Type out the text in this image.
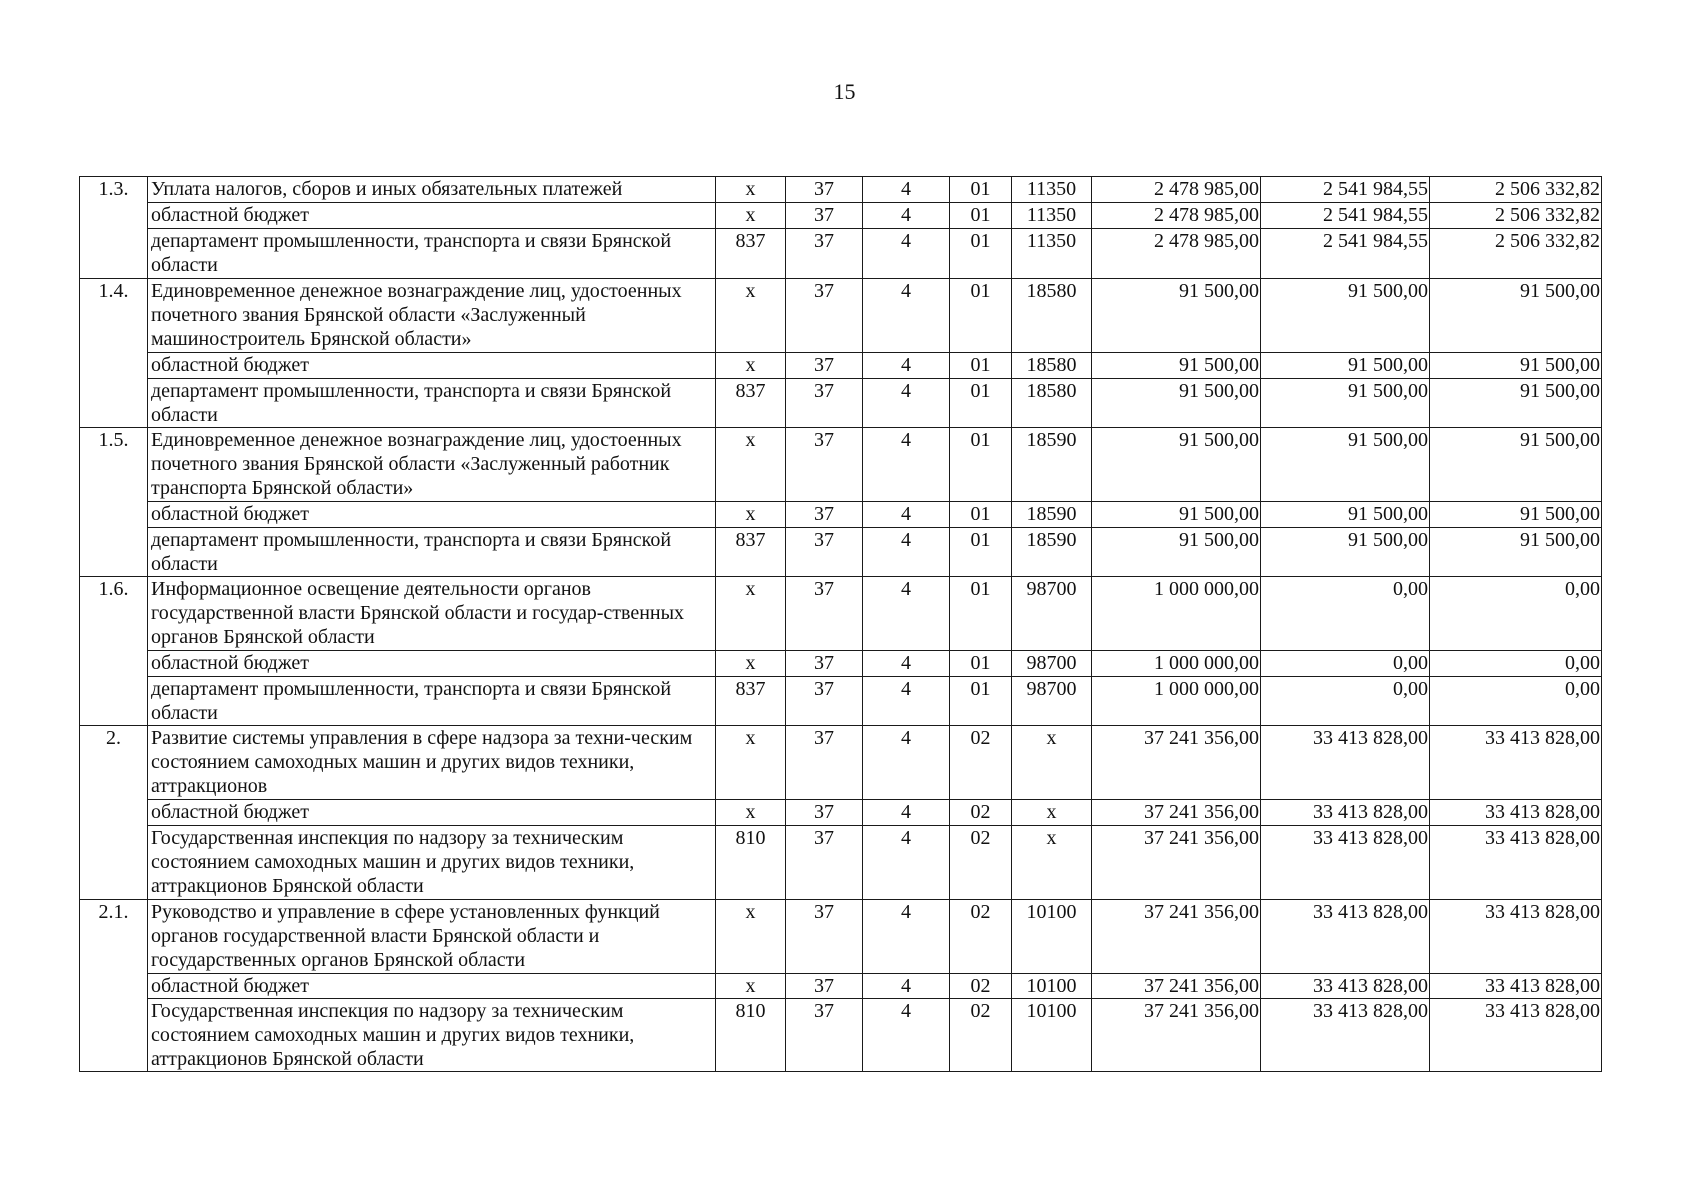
15
1.3.	Уплата налогов, сборов и иных обязательных платежей	х	37	4	01	11350	2 478 985,00	2 541 984,55	2 506 332,82
	областной бюджет	х	37	4	01	11350	2 478 985,00	2 541 984,55	2 506 332,82
	департамент промышленности, транспорта и связи Брянской области	837	37	4	01	11350	2 478 985,00	2 541 984,55	2 506 332,82
1.4.	Единовременное денежное вознаграждение лиц, удостоенных почетного звания Брянской области «Заслуженный машиностроитель Брянской области»	х	37	4	01	18580	91 500,00	91 500,00	91 500,00
	областной бюджет	х	37	4	01	18580	91 500,00	91 500,00	91 500,00
	департамент промышленности, транспорта и связи Брянской области	837	37	4	01	18580	91 500,00	91 500,00	91 500,00
1.5.	Единовременное денежное вознаграждение лиц, удостоенных почетного звания Брянской области «Заслуженный работник транспорта Брянской области»	х	37	4	01	18590	91 500,00	91 500,00	91 500,00
	областной бюджет	х	37	4	01	18590	91 500,00	91 500,00	91 500,00
	департамент промышленности, транспорта и связи Брянской области	837	37	4	01	18590	91 500,00	91 500,00	91 500,00
1.6.	Информационное освещение деятельности органов государственной власти Брянской области и государ-ственных органов Брянской области	х	37	4	01	98700	1 000 000,00	0,00	0,00
	областной бюджет	х	37	4	01	98700	1 000 000,00	0,00	0,00
	департамент промышленности, транспорта и связи Брянской области	837	37	4	01	98700	1 000 000,00	0,00	0,00
2.	Развитие системы управления в сфере надзора за техни-ческим состоянием самоходных машин и других видов техники, аттракционов	х	37	4	02	х	37 241 356,00	33 413 828,00	33 413 828,00
	областной бюджет	х	37	4	02	х	37 241 356,00	33 413 828,00	33 413 828,00
	Государственная инспекция по надзору за техническим состоянием самоходных машин и других видов техники, аттракционов Брянской области	810	37	4	02	х	37 241 356,00	33 413 828,00	33 413 828,00
2.1.	Руководство и управление в сфере установленных функций органов государственной власти Брянской области и государственных органов Брянской области	х	37	4	02	10100	37 241 356,00	33 413 828,00	33 413 828,00
	областной бюджет	х	37	4	02	10100	37 241 356,00	33 413 828,00	33 413 828,00
	Государственная инспекция по надзору за техническим состоянием самоходных машин и других видов техники, аттракционов Брянской области	810	37	4	02	10100	37 241 356,00	33 413 828,00	33 413 828,00
